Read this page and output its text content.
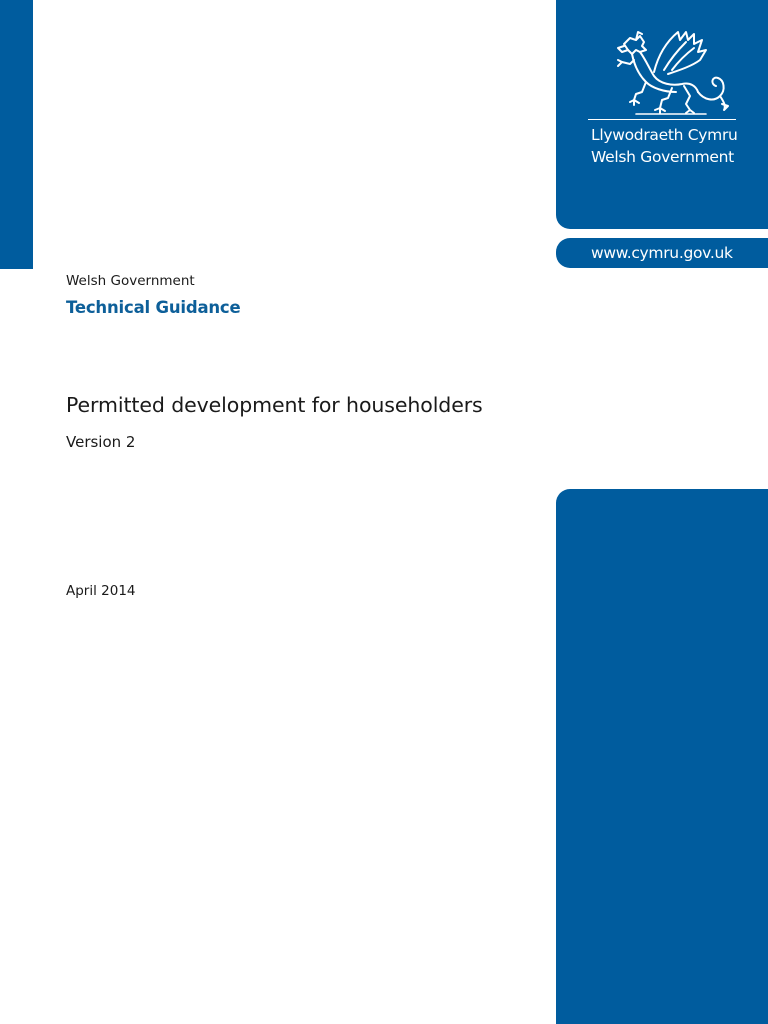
Llywodraeth Cymru
Welsh Government
www.cymru.gov.uk
Welsh Government
Technical Guidance
Permitted development for householders
Version 2
April 2014
